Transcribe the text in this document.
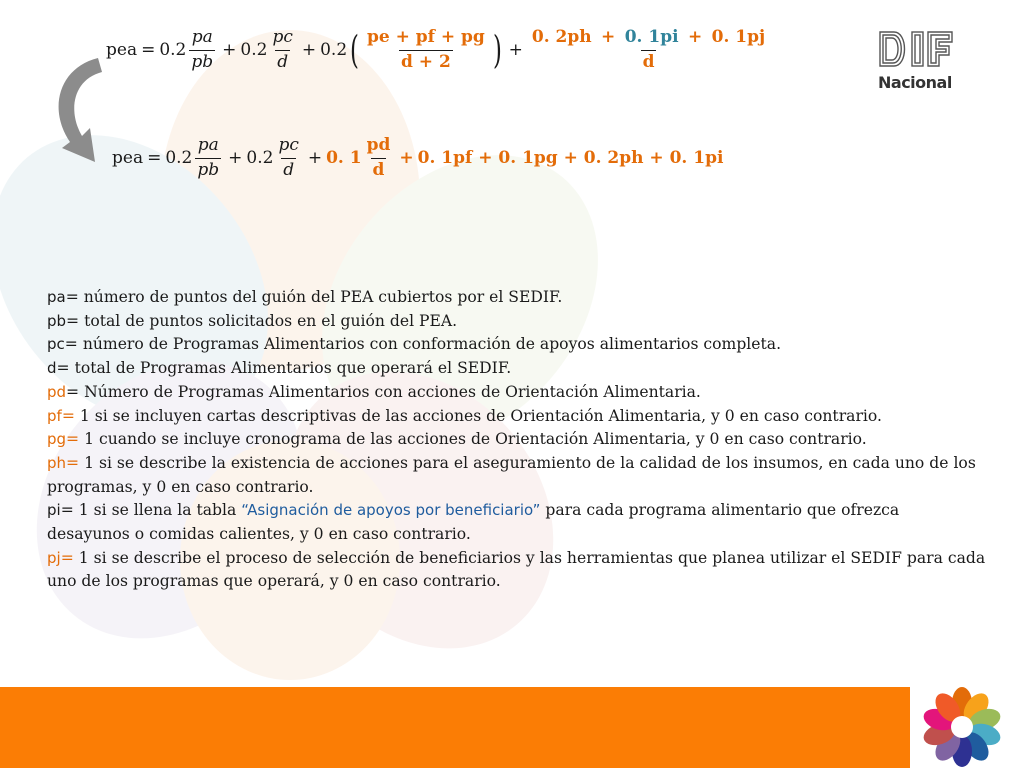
pea = $0.2 \frac{pa}{pb} + 0.2 \frac{pc}{d} + 0.2$ ( $\frac{pe + pf + pg}{d + 2}$ ) + $\frac{0. 2ph + 0. 1pi + 0. 1pj}{d}$
pea = $0.2 \frac{pa}{pb} + 0.2 \frac{pc}{d} + 0$. $1 \frac{pd}{d} + 0$. 1pf + 0. 1pg + 0. 2ph + 0. 1pi
Nacional

pa= número de puntos del guión del PEA cubiertos por el SEDIF.

pb= total de puntos solicitados en el guión del PEA.

pc= número de Programas Alimentarios con conformación de apoyos alimentarios completa.

d= total de Programas Alimentarios que operará el SEDIF.

pd= Número de Programas Alimentarios con acciones de Orientación Alimentaria.

pf= 1 si se incluyen cartas descriptivas de las acciones de Orientación Alimentaria, y 0 en caso contrario.

pg= 1 cuando se incluye cronograma de las acciones de Orientación Alimentaria, y 0 en caso contrario.

ph= 1 si se describe la existencia de acciones para el aseguramiento de la calidad de los insumos, en cada uno de los

programas, y 0 en caso contrario.

pi= 1 si se llena la tabla “Asignación de apoyos por beneficiario” para cada programa alimentario que ofrezca

desayunos o comidas calientes, y 0 en caso contrario.

pj= 1 si se describe el proceso de selección de beneficiarios y las herramientas que planea utilizar el SEDIF para cada

uno de los programas que operará, y 0 en caso contrario.
